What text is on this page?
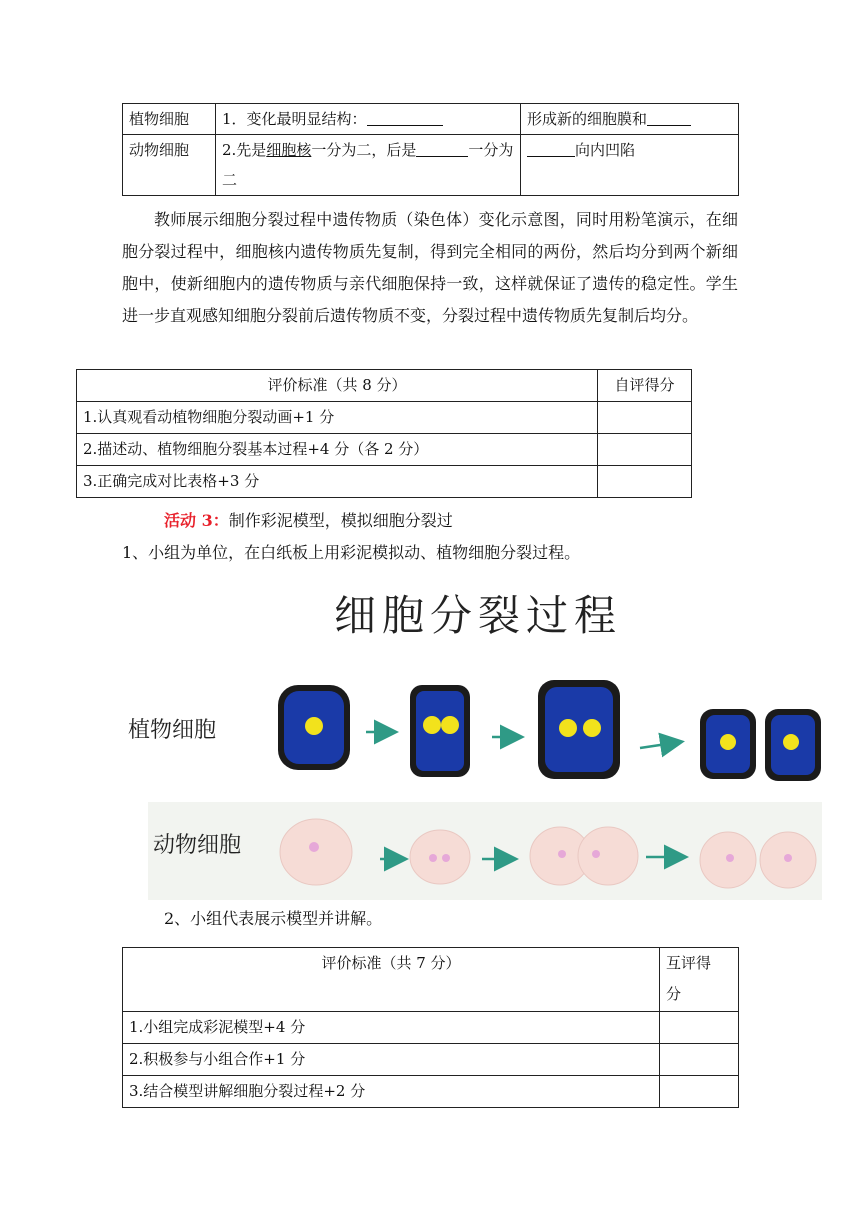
植物细胞	1．变化最明显结构：	形成新的细胞膜和
动物细胞	2.先是细胞核一分为二，后是 一分为二	向内凹陷

教师展示细胞分裂过程中遗传物质（染色体）变化示意图，同时用粉笔演示，在细胞分裂过程中，细胞核内遗传物质先复制，得到完全相同的两份，然后均分到两个新细胞中，使新细胞内的遗传物质与亲代细胞保持一致，这样就保证了遗传的稳定性。学生进一步直观感知细胞分裂前后遗传物质不变，分裂过程中遗传物质先复制后均分。

评价标准（共 8 分）	自评得分
1.认真观看动植物细胞分裂动画+1 分	
2.描述动、植物细胞分裂基本过程+4 分（各 2 分）	
3.正确完成对比表格+3 分	

活动 3：制作彩泥模型，模拟细胞分裂过

1、小组为单位，在白纸板上用彩泥模拟动、植物细胞分裂过程。

细胞分裂过程
植物细胞
动物细胞

2、小组代表展示模型并讲解。

评价标准（共 7 分）	互评得
分
1.小组完成彩泥模型+4 分	
2.积极参与小组合作+1 分	
3.结合模型讲解细胞分裂过程+2 分	
